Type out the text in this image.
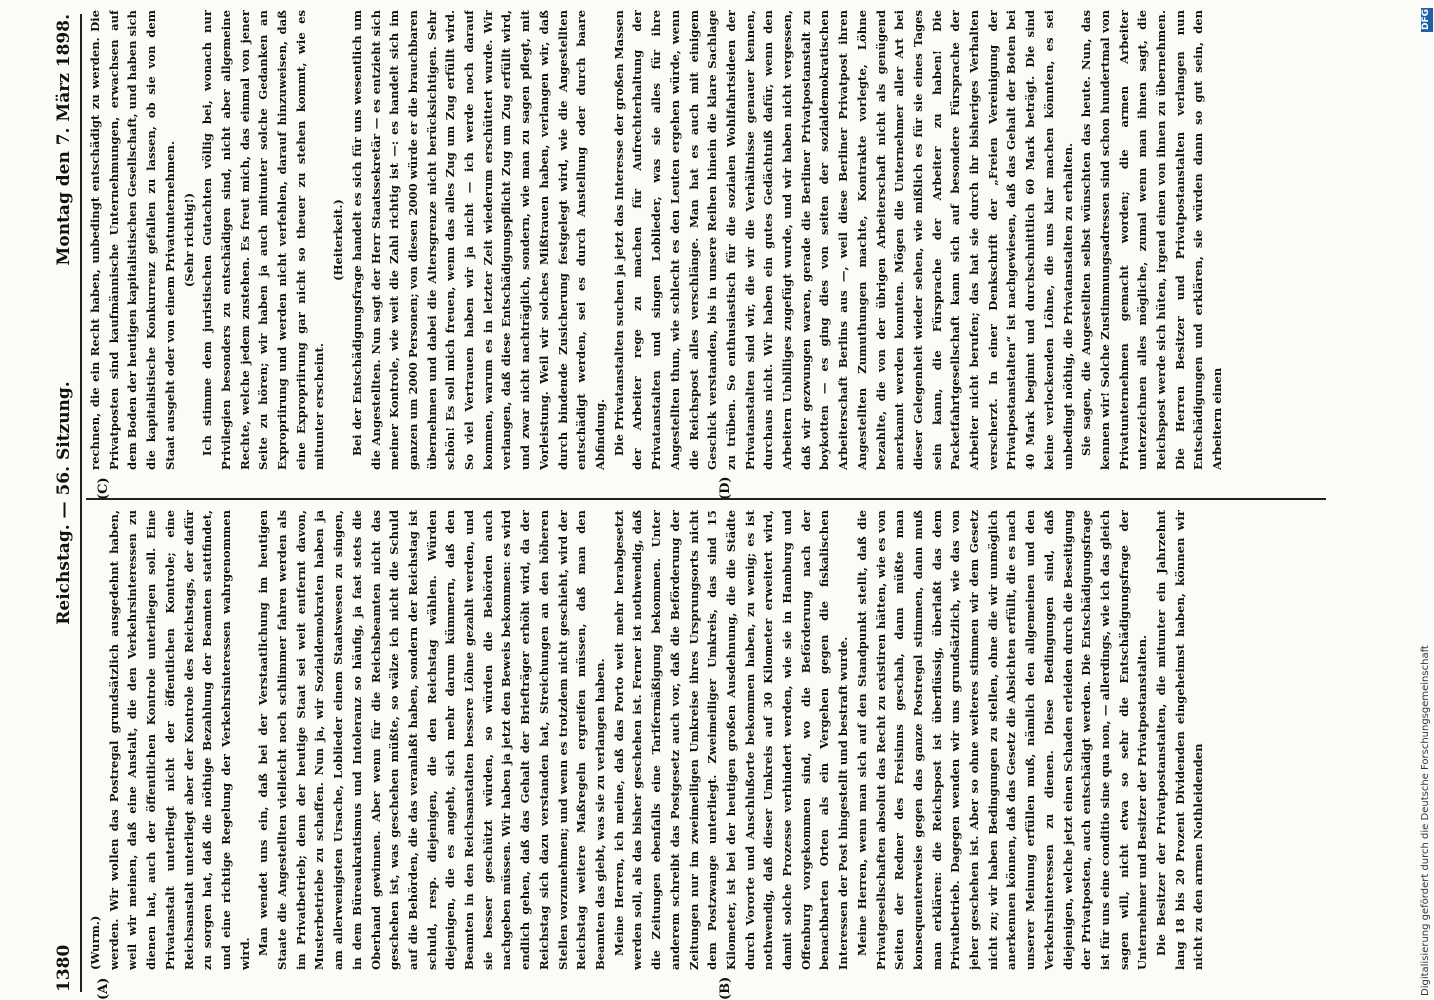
1380
Reichstag. — 56. Sitzung.
Montag den 7. März 1898.
(A)	(B)
(C)	(D)

(Wurm.) werden. Wir wollen das Postregal grundsätzlich ausgedehnt haben, weil wir meinen, daß eine Anstalt, die den Verkehrsinteressen zu dienen hat, auch der öffentlichen Kontrole unterliegen soll. Eine Privatanstalt unterliegt nicht der öffentlichen Kontrole; eine Reichsanstalt unterliegt aber der Kontrole des Reichstags, der dafür zu sorgen hat, daß die nöthige Bezahlung der Beamten stattfindet, und eine richtige Regelung der Verkehrsinteressen wahrgenommen wird. Man wendet uns ein, daß bei der Verstaatlichung im heutigen Staate die Angestellten vielleicht noch schlimmer fahren werden als im Privatbetrieb; denn der heutige Staat sei weit entfernt davon, Musterbetriebe zu schaffen. Nun ja, wir Sozialdemokraten haben ja am allerwenigsten Ursache, Loblieder einem Staatswesen zu singen, in dem Büreaukratismus und Intoleranz so häufig, ja fast stets die Oberhand gewinnen. Aber wenn für die Reichsbeamten nicht das geschehen ist, was geschehen müßte, so wälze ich nicht die Schuld auf die Behörden, die das veranlaßt haben, sondern der Reichstag ist schuld, resp. diejenigen, die den Reichstag wählen. Würden diejenigen, die es angeht, sich mehr darum kümmern, daß den Beamten in den Reichsanstalten bessere Löhne gezahlt werden, und sie besser geschützt würden, so würden die Behörden auch nachgeben müssen. Wir haben ja jetzt den Beweis bekommen: es wird endlich gehen, daß das Gehalt der Briefträger erhöht wird, da der Reichstag sich dazu verstanden hat, Streichungen an den höheren Stellen vorzunehmen; und wenn es trotzdem nicht geschieht, wird der Reichstag weitere Maßregeln ergreifen müssen, daß man den Beamten das giebt, was sie zu verlangen haben. Meine Herren, ich meine, daß das Porto weit mehr herabgesetzt werden soll, als das bisher geschehen ist. Ferner ist nothwendig, daß die Zeitungen ebenfalls eine Tarifermäßigung bekommen. Unter anderem schreibt das Postgesetz auch vor, daß die Beförderung der Zeitungen nur im zweimeiligen Umkreise ihres Ursprungsorts nicht dem Postzwange unterliegt. Zweimeiliger Umkreis, das sind 15 Kilometer, ist bei der heutigen großen Ausdehnung, die die Städte durch Vororte und Anschlußorte bekommen haben, zu wenig; es ist nothwendig, daß dieser Umkreis auf 30 Kilometer erweitert wird, damit solche Prozesse verhindert werden, wie sie in Hamburg und Offenburg vorgekommen sind, wo die Beförderung nach der benachbarten Orten als ein Vergehen gegen die fiskalischen Interessen der Post hingestellt und bestraft wurde. Meine Herren, wenn man sich auf den Standpunkt stellt, daß die Privatgesellschaften absolut das Recht zu existiren hätten, wie es von Seiten der Redner des Freisinns geschah, dann müßte man konsequenterweise gegen das ganze Postregal stimmen, dann muß man erklären: die Reichspost ist überflüssig, überlaßt das dem Privatbetrieb. Dagegen wenden wir uns grundsätzlich, wie das von jeher geschehen ist. Aber so ohne weiteres stimmen wir dem Gesetz nicht zu; wir haben Bedingungen zu stellen, ohne die wir unmöglich anerkennen können, daß das Gesetz die Absichten erfüllt, die es nach unserer Meinung erfüllen muß, nämlich den allgemeinen und den Verkehrsinteressen zu dienen. Diese Bedingungen sind, daß diejenigen, welche jetzt einen Schaden erleiden durch die Beseitigung der Privatposten, auch entschädigt werden. Die Entschädigungsfrage ist für uns eine conditio sine qua non, — allerdings, wie ich das gleich sagen will, nicht etwa so sehr die Entschädigungsfrage der Unternehmer und Besitzer der Privatpostanstalten. Die Besitzer der Privatpostanstalten, die mitunter ein Jahrzehnt lang 18 bis 20 Prozent Dividenden eingeheimst haben, können wir nicht zu den armen Nothleidenden

rechnen, die ein Recht haben, unbedingt entschädigt zu werden. Die Privatposten sind kaufmännische Unternehmungen, erwachsen auf dem Boden der heutigen kapitalistischen Gesellschaft, und haben sich die kapitalistische Konkurrenz gefallen zu lassen, ob sie von dem Staat ausgeht oder von einem Privatunternehmen. (Sehr richtig!) Ich stimme dem juristischen Gutachten völlig bei, wonach nur Privilegien besonders zu entschädigen sind, nicht aber allgemeine Rechte, welche jedem zustehen. Es freut mich, das einmal von jener Seite zu hören; wir haben ja auch mitunter solche Gedanken an Expropriirung und werden nicht verfehlen, darauf hinzuweisen, daß eine Expropriirung gar nicht so theuer zu stehen kommt, wie es mitunter erscheint.

(Heiterkeit.) Bei der Entschädigungsfrage handelt es sich für uns wesentlich um die Angestellten. Nun sagt der Herr Staatssekretär — es entzieht sich meiner Kontrole, wie weit die Zahl richtig ist —: es handelt sich im ganzen um 2000 Personen; von diesen 2000 würde er die brauchbaren übernehmen und dabei die Altersgrenze nicht berücksichtigen. Sehr schön! Es soll mich freuen, wenn das alles Zug um Zug erfüllt wird. So viel Vertrauen haben wir ja nicht — ich werde noch darauf kommen, warum es in letzter Zeit wiederum erschüttert wurde. Wir verlangen, daß diese Entschädigungspflicht Zug um Zug erfüllt wird, und zwar nicht nachträglich, sondern, wie man zu sagen pflegt, mit Vorleistung. Weil wir solches Mißtrauen haben, verlangen wir, daß durch bindende Zusicherung festgelegt wird, wie die Angestellten entschädigt werden, sei es durch Anstellung oder durch baare Abfindung. Die Privatanstalten suchen ja jetzt das Interesse der großen Massen der Arbeiter rege zu machen für Aufrechterhaltung der Privatanstalten und singen Loblieder, was sie alles für ihre Angestellten thun, wie schlecht es den Leuten ergehen würde, wenn die Reichspost alles verschlänge. Man hat es auch mit einigem Geschick verstanden, bis in unsere Reihen hinein die klare Sachlage zu trüben. So enthusiastisch für die sozialen Wohlfahrtsideen der Privatanstalten sind wir, die wir die Verhältnisse genauer kennen, durchaus nicht. Wir haben ein gutes Gedächtniß dafür, wenn den Arbeitern Unbilliges zugefügt wurde, und wir haben nicht vergessen, daß wir gezwungen waren, gerade die Berliner Privatpostanstalt zu boykotten — es ging dies von seiten der sozialdemokratischen Arbeiterschaft Berlins aus —, weil diese Berliner Privatpost ihren Angestellten Zumuthungen machte, Kontrakte vorlegte, Löhne bezahlte, die von der übrigen Arbeiterschaft nicht als genügend anerkannt werden konnten. Mögen die Unternehmer aller Art bei dieser Gelegenheit wieder sehen, wie mißlich es für sie eines Tages sein kann, die Fürsprache der Arbeiter zu haben! Die Packetfahrtgesellschaft kann sich auf besondere Fürsprache der Arbeiter nicht berufen; das hat sie durch ihr bisheriges Verhalten verscherzt. In einer Denkschrift der „Freien Vereinigung der Privatpostanstalten“ ist nachgewiesen, daß das Gehalt der Boten bei 40 Mark beginnt und durchschnittlich 60 Mark beträgt. Die sind keine verlockenden Löhne, die uns klar machen könnten, es sei unbedingt nöthig, die Privatanstalten zu erhalten. Sie sagen, die Angestellten selbst wünschten das heute. Nun, das kennen wir! Solche Zustimmungsadressen sind schon hundertmal von Privatunternehmen gemacht worden; die armen Arbeiter unterzeichnen alles mögliche, zumal wenn man ihnen sagt, die Reichspost werde sich hüten, irgend einen von ihnen zu übernehmen. Die Herren Besitzer und Privatpostanstalten verlangen nun Entschädigungen und erklären, sie würden dann so gut sein, den Arbeitern einen

Digitalisierung gefördert durch die Deutsche Forschungsgemeinschaft
DFG
